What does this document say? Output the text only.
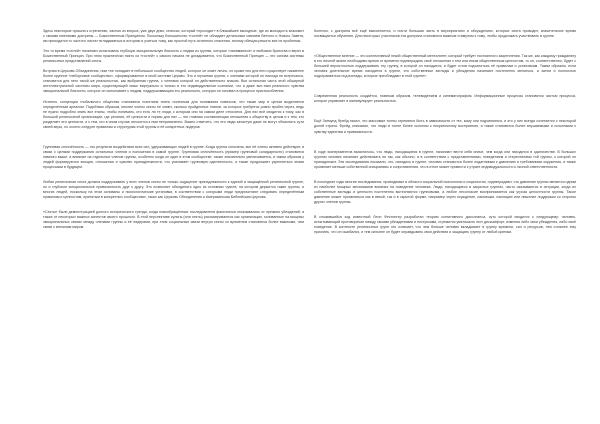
Здесь некоторые пришли к отречению, частью из вторых, уже двух днях, сеансах, который «проходит» в ближайшее выходные, где их молодость знакомит с своими мнениями доктрины — Божественным Принципом. Поскольку большинство «гостей» не обладает детальным знанием Ветхого и Нового Завета, им приходится «с чистого листа» вглядываться в историю и учиться тому, как простой путь истинного спасения, потому обещая решить все их проблемы.

Это то время «гостей» начинают испытывать глубокую эмоциональную близость к людям из группы, которые «занимаются» и любовью братства и верят в Божественный Принцип. При этом практически никто из «гостей» с самого начала не догадывается, что Божественный Принцип — это основа системы религиозных представлений секты.

Вступая в Церковь Объединения, ним «не попадает в небольшое сообщество людей, которое он знает лично, но кроме них для него существует наименее более крупное «неборговое сообщество», сформированное в иной системе Церкви. Это и огромная группа, с членами которой он никогда не встречался, становится для него такой же реальностью, как выбранная группа, с членами которой он действительно знаком. Вся остальная часть этой обширной интеллектуальной системы мира, существующей лишь виртуально и только в его индивидуальном сознании, что и даже все-таки реального чувства эмоциональной близости, которое он испытывает к людям, поддерживающим его реальность, которую он основал в процессе приспособления.

Истинно, концепция глобального общества становится понятием очень полезным для понимания новичков, что также мир в целом выделяется определённым ареалом. Подобным образом, многие члены секты не знают, сколько пройденных этапов, за которых требуется ровно пройти через, ведь не нужно подробно знать все этапы, чтобы понимать, кто есть ли те люди, к которым они на самом деле относятся. Для них всё сводится к тому, как в большой религиозной организации, где религия, её ценности и нормы для них — это главная составляющая отношения к обществу в целом и к тем, кто разделяет эти ценности, и к тем, кто в ином случае относится к ним неприязненно. Важно отметить, что эти люди зачастую даже не могут объяснить сути своей веры, но охотно следуют правилам и структурам этой группы и её конкретных лидеров.

Групповая сплочённость — это результат воздействия всех сил, удерживающих людей в группе. Когда группа сплочена, все её члены активно действуют, в связи с целями поддержания остальных членов и положения в самой группе. Групповая сплочённость (пример групповой солидарности) становится намного выше, а влияние на отдельных членов группы, особенно когда он один в этом сообществе, также значительно увеличивается, и таким образом у людей формируются эмоции, отношения и чувство принадлежности, что усиливает групповую идентичность, а также продолжает укрепляться этими процессами в будущем.

Любая религиозная секта должна поддерживать у всех членов секты не только ощущение принадлежности к единой и защищённой религиозной группе, но и глубокое эмоциональное привязанность друг к другу. Это позволяет объединять одно из основных чувств, на котором держится такие группы, и многих людей, поскольку на этом основаны и психологические установки, в соответствии с которыми люди предпочитают следовать определённым правилам и ценностям, принятым в конкретных сообществах, таких как Церковь Объединения и Американская Библейская Церковь.

«Секты» были демонстрацией долгого исторического тренда, когда новообращённые последователи фактически отказывались от прежних убеждений, а также от некоторых важных аспектов своего прошлого. В этой перспективе культы (или секты) рассматриваются как организации, основанные на мощных эмоциональных связях между членами группы и её лидерами, при этом социальные связи внутри секты со временем становятся более важными, чем связи с внешним миром.

Конечно, с доктрина всё ещё выполняется, и почти большая часть в мероприятиях и обсуждениях, которые секта проводит, значительное время посвящается обучению. Для некоторых участников эта доктрина становится важным стимулом к тому, чтобы продолжать участвовать в группе.

«Общественное мнение — это коллективный некий общественный менталитет, который требует постоянного закрепления. Так же, как каждому гражданину в его личной жизни необходимо время от времени подтверждать своё отношение к тем или иным общественным ценностям, то он, соответственно, будет с большей вероятностью поддерживать эту группу, в которой он находится, и будет готов подчиняться её правилам и установкам. Таким образом, если человек длительное время находится в группе, его собственные взгляды и убеждения начинают постепенно меняться, а затем и полностью подстраиваться под взгляды, которые преобладают в этой группе».

Современная реальность создаётся, главным образом, телевидением и кинематографом. Информационные процессы становятся частью процесса, которое управляет и манипулирует реальностью.

Ещё Зигмунд Фрейд писал, что массовые толпы стремятся быть в зависимости от тех, кому они подчиняются, и это у них всегда сочетается с некоторой долей страха. Фрейд описывал, что люди в толпе более склонны к некритичному восприятию, а также становятся более внушаемыми и склонными к чувству единства и привязанности.

В ходе экспериментов выяснилось, что люди, находящиеся в группе, начинают вести себя иначе, чем когда они находятся в одиночестве. В больших группах человек начинает действовать не так, как обычно, а в соответствии с представлениями, поведением и стереотипами той группы, к которой он принадлежит. Эти исследования показали, что, находясь в группе, человек становится более податливым к давлению и требованиям окружения, а также проявляет меньше собственной инициативы и сопротивления, что в итоге может привести к утрате индивидуальности и личной ответственности.

В последние годы многие исследования, проводимые в области социальной психологии и социологии, подтверждают, что давление группы является одним из наиболее мощных механизмов влияния на поведение человека. Люди, находящиеся в закрытых группах, часто оказываются в ситуации, когда их собственные взгляды и ценности постепенно вытесняются групповыми, а любое несогласие воспринимается как угроза целостности группы. Такое давление может проявляться как в явной, так и в скрытой форме, например через осуждение, насмешки, изоляцию или лишение поддержки со стороны других членов группы.

В сложившийся код известный Леон Фестингер разработал теорию когнитивного диссонанса, суть которой сводится к следующему: человек, испытывающий противоречие между своими убеждениями и поступками, стремится уменьшить этот дискомфорт, изменяя либо свои убеждения, либо своё поведение. В контексте религиозных групп это означает, что чем больше человек вкладывает в группу времени, сил и ресурсов, тем сложнее ему признать, что он ошибался, и тем сильнее он будет оправдывать свои действия и защищать группу от любой критики.
